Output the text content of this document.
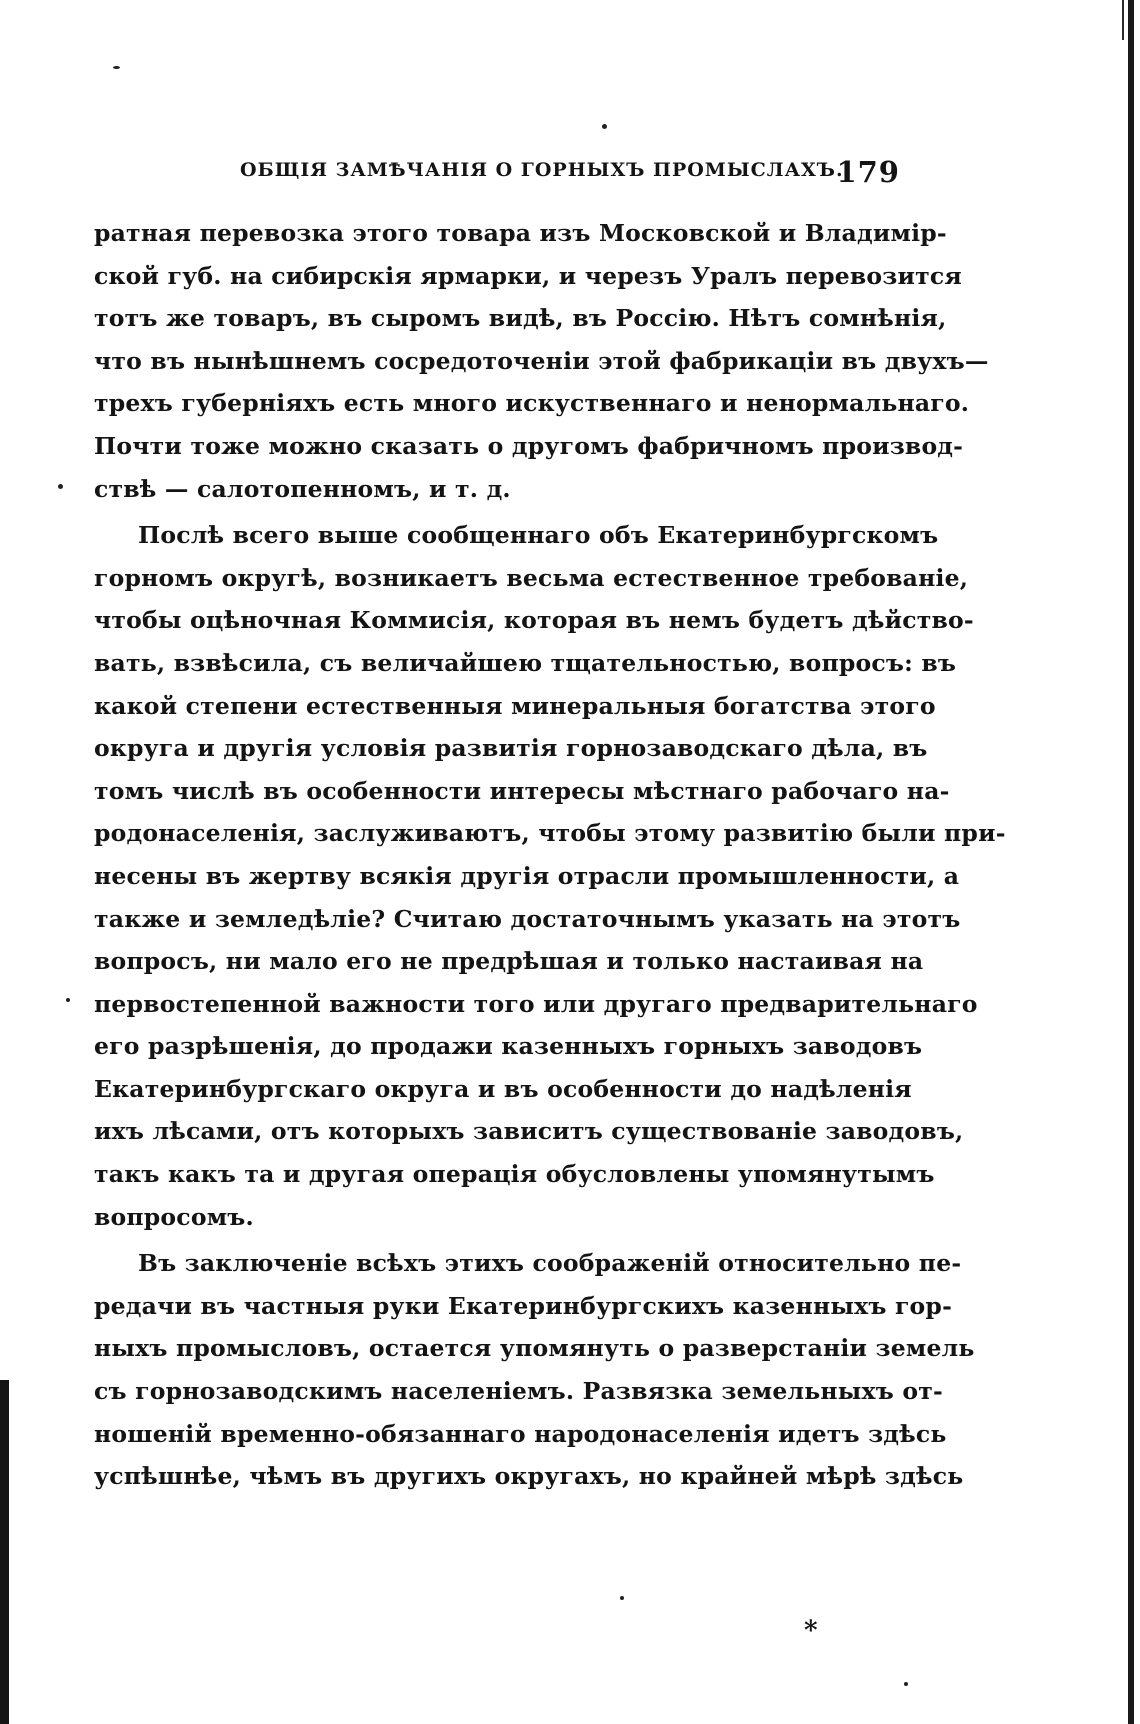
ОБЩІЯ ЗАМѢЧАНІЯ О ГОРНЫХЪ ПРОМЫСЛАХЪ.
179
ратная перевозка этого товара изъ Московской и Владимір-
ской губ. на сибирскія ярмарки, и черезъ Уралъ перевозится
тотъ же товаръ, въ сыромъ видѣ, въ Россію. Нѣтъ сомнѣнія,
что въ нынѣшнемъ сосредоточеніи этой фабрикаціи въ двухъ—
трехъ губерніяхъ есть много искуственнаго и ненормальнаго.
Почти тоже можно сказать о другомъ фабричномъ производ-
ствѣ — салотопенномъ, и т. д.
Послѣ всего выше сообщеннаго объ Екатеринбургскомъ
горномъ округѣ, возникаетъ весьма естественное требованіе,
чтобы оцѣночная Коммисія, которая въ немъ будетъ дѣйство-
вать, взвѣсила, съ величайшею тщательностью, вопросъ: въ
какой степени естественныя минеральныя богатства этого
округа и другія условія развитія горнозаводскаго дѣла, въ
томъ числѣ въ особенности интересы мѣстнаго рабочаго на-
родонаселенія, заслуживаютъ, чтобы этому развитію были при-
несены въ жертву всякія другія отрасли промышленности, а
также и земледѣліе? Считаю достаточнымъ указать на этотъ
вопросъ, ни мало его не предрѣшая и только настаивая на
первостепенной важности того или другаго предварительнаго
его разрѣшенія, до продажи казенныхъ горныхъ заводовъ
Екатеринбургскаго округа и въ особенности до надѣленія
ихъ лѣсами, отъ которыхъ зависитъ существованіе заводовъ,
такъ какъ та и другая операція обусловлены упомянутымъ
вопросомъ.
Въ заключеніе всѣхъ этихъ соображеній относительно пе-
редачи въ частныя руки Екатеринбургскихъ казенныхъ гор-
ныхъ промысловъ, остается упомянуть о разверстаніи земель
съ горнозаводскимъ населеніемъ. Развязка земельныхъ от-
ношеній временно-обязаннаго народонаселенія идетъ здѣсь
успѣшнѣе, чѣмъ въ другихъ округахъ, но крайней мѣрѣ здѣсь
*
